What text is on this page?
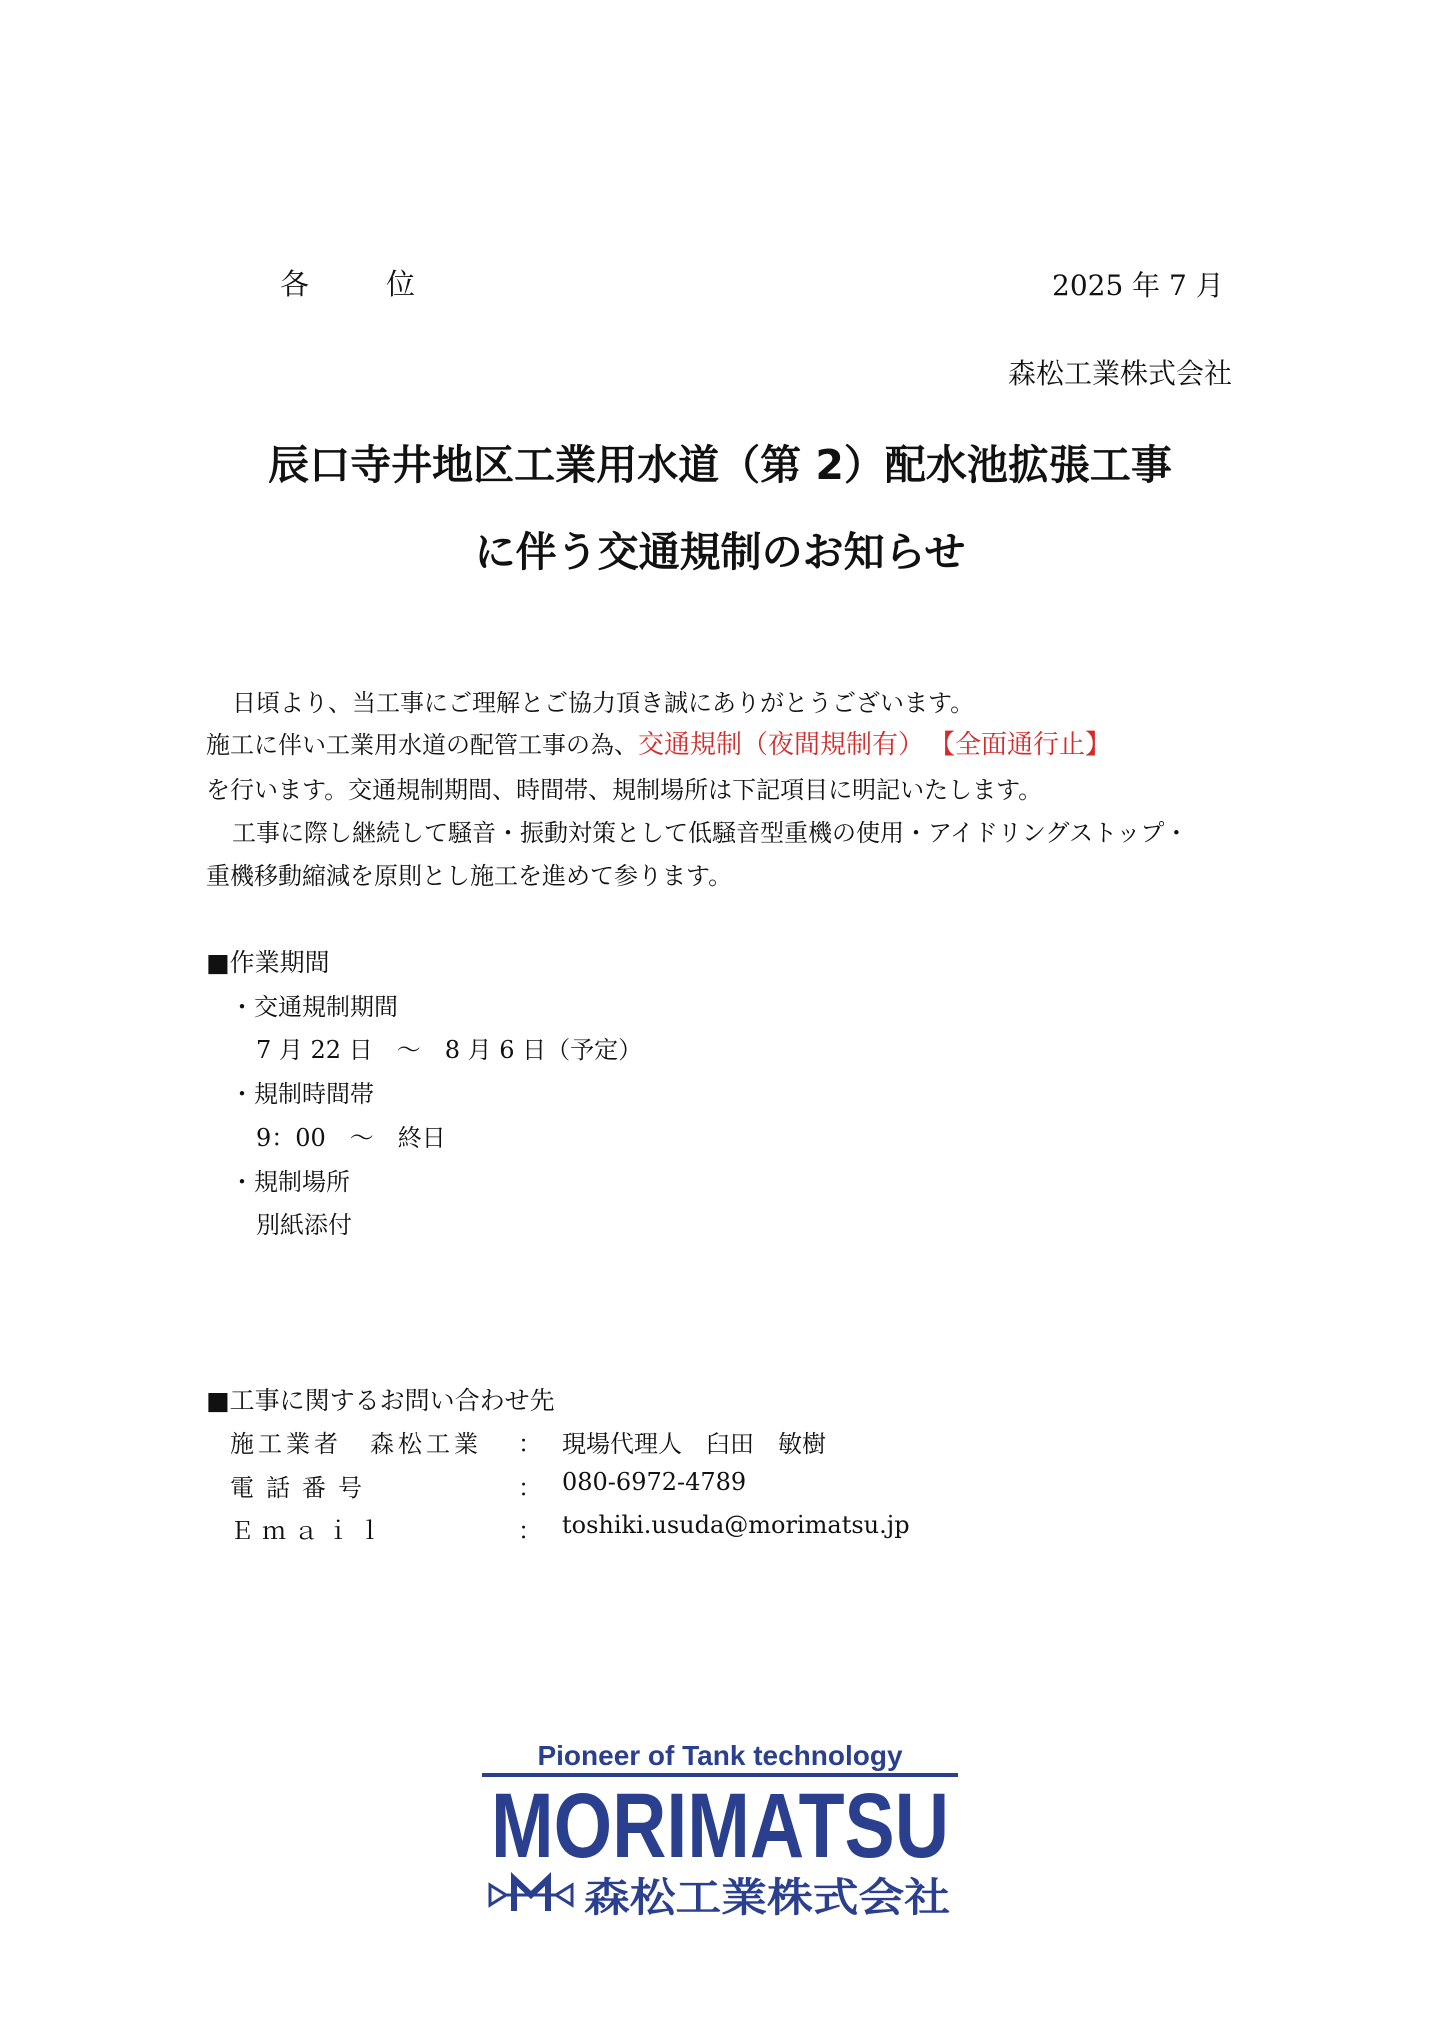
各　位	2025 年 7 月
森松工業株式会社
辰口寺井地区工業用水道（第 2）配水池拡張工事
に伴う交通規制のお知らせ
日頃より、当工事にご理解とご協力頂き誠にありがとうございます。
施工に伴い工業用水道の配管工事の為、交通規制（夜間規制有） 【全面通行止】
を行います。交通規制期間、時間帯、規制場所は下記項目に明記いたします。
工事に際し継続して騒音・振動対策として低騒音型重機の使用・アイドリングストップ・
重機移動縮減を原則とし施工を進めて参ります。
■作業期間
・交通規制期間
7 月 22 日　～　8 月 6 日（予定）
・規制時間帯
9：00　～　終日
・規制場所
別紙添付
■工事に関するお問い合わせ先
施工業者　森松工業 ： 現場代理人　臼田　敏樹
電話番号	： 080-6972-4789
Ｅｍａｉｌ	： toshiki.usuda@morimatsu.jp
Pioneer of Tank technology
MORIMATSU
森松工業株式会社
